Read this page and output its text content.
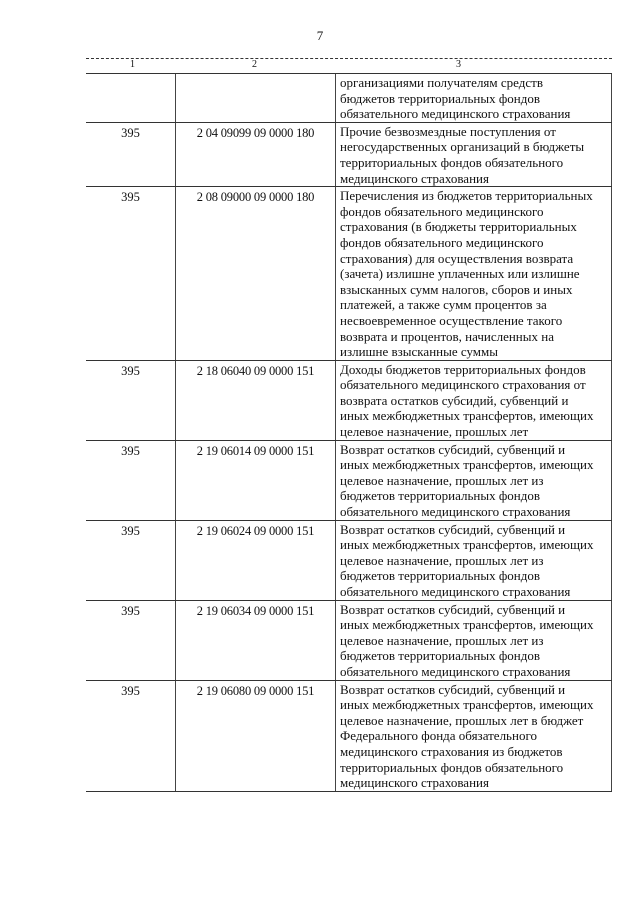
7
1	2	3
организациями получателям средств
бюджетов территориальных фондов
обязательного медицинского страхования
395	2 04 09099 09 0000 180	Прочие безвозмездные поступления от
негосударственных организаций в бюджеты
территориальных фондов обязательного
медицинского страхования
395	2 08 09000 09 0000 180	Перечисления из бюджетов территориальных
фондов обязательного медицинского
страхования (в бюджеты территориальных
фондов обязательного медицинского
страхования) для осуществления возврата
(зачета) излишне уплаченных или излишне
взысканных сумм налогов, сборов и иных
платежей, а также сумм процентов за
несвоевременное осуществление такого
возврата и процентов, начисленных на
излишне взысканные суммы
395	2 18 06040 09 0000 151	Доходы бюджетов территориальных фондов
обязательного медицинского страхования от
возврата остатков субсидий, субвенций и
иных межбюджетных трансфертов, имеющих
целевое назначение, прошлых лет
395	2 19 06014 09 0000 151	Возврат остатков субсидий, субвенций и
иных межбюджетных трансфертов, имеющих
целевое назначение, прошлых лет из
бюджетов территориальных фондов
обязательного медицинского страхования
395	2 19 06024 09 0000 151	Возврат остатков субсидий, субвенций и
иных межбюджетных трансфертов, имеющих
целевое назначение, прошлых лет из
бюджетов территориальных фондов
обязательного медицинского страхования
395	2 19 06034 09 0000 151	Возврат остатков субсидий, субвенций и
иных межбюджетных трансфертов, имеющих
целевое назначение, прошлых лет из
бюджетов территориальных фондов
обязательного медицинского страхования
395	2 19 06080 09 0000 151	Возврат остатков субсидий, субвенций и
иных межбюджетных трансфертов, имеющих
целевое назначение, прошлых лет в бюджет
Федерального фонда обязательного
медицинского страхования из бюджетов
территориальных фондов обязательного
медицинского страхования
